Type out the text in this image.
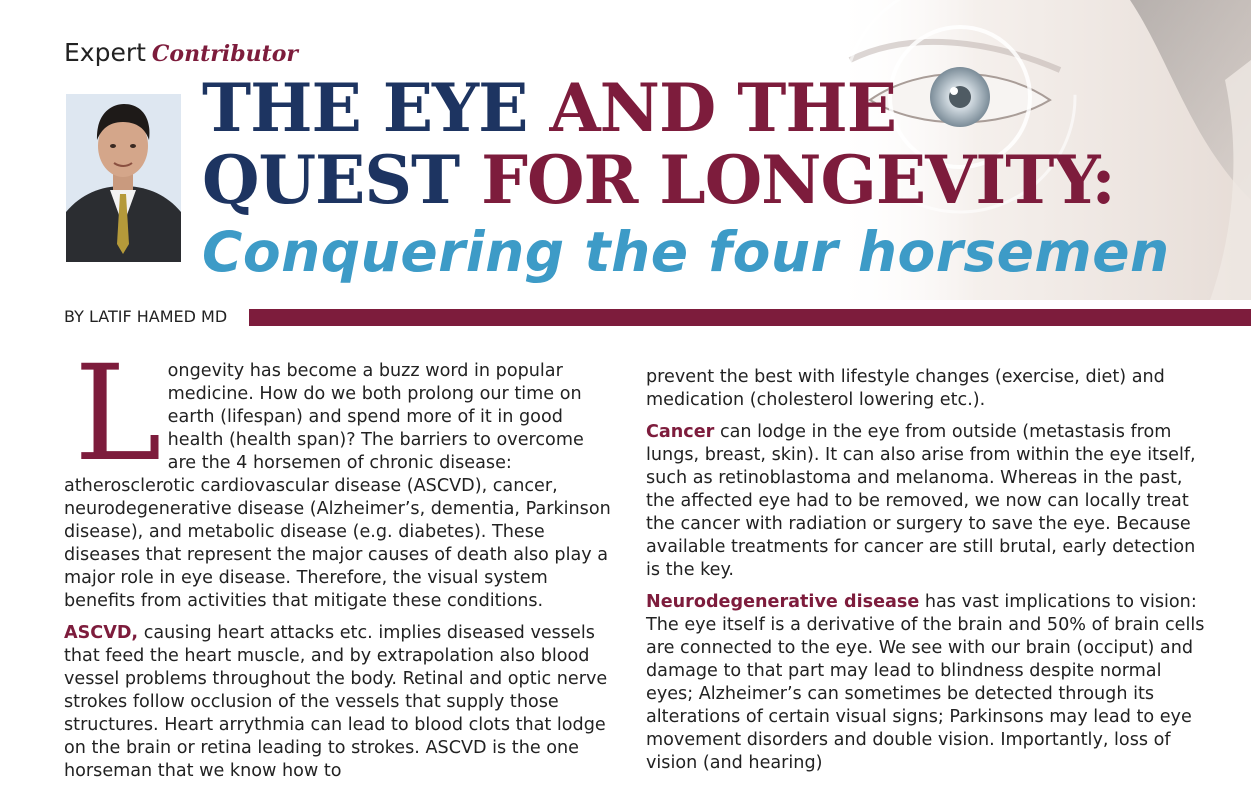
Expert Contributor
THE EYE AND THE
QUEST FOR LONGEVITY:
Conquering the four horsemen
BY LATIF HAMED MD

Longevity has become a buzz word in popular medicine. How do we both prolong our time on earth (lifespan) and spend more of it in good health (health span)? The barriers to overcome are the 4 horsemen of chronic disease: atherosclerotic cardiovascular disease (ASCVD), cancer, neurodegenerative disease (Alzheimer’s, dementia, Parkinson disease), and metabolic disease (e.g. diabetes). These diseases that represent the major causes of death also play a major role in eye disease. Therefore, the visual system benefits from activities that mitigate these conditions.

ASCVD, causing heart attacks etc. implies diseased vessels that feed the heart muscle, and by extrapolation also blood vessel problems throughout the body. Retinal and optic nerve strokes follow occlusion of the vessels that supply those structures. Heart arrythmia can lead to blood clots that lodge on the brain or retina leading to strokes. ASCVD is the one horseman that we know how to

prevent the best with lifestyle changes (exercise, diet) and medication (cholesterol lowering etc.).

Cancer can lodge in the eye from outside (metastasis from lungs, breast, skin). It can also arise from within the eye itself, such as retinoblastoma and melanoma. Whereas in the past, the affected eye had to be removed, we now can locally treat the cancer with radiation or surgery to save the eye. Because available treatments for cancer are still brutal, early detection is the key.

Neurodegenerative disease has vast implications to vision: The eye itself is a derivative of the brain and 50% of brain cells are connected to the eye. We see with our brain (occiput) and damage to that part may lead to blindness despite normal eyes; Alzheimer’s can sometimes be detected through its alterations of certain visual signs; Parkinsons may lead to eye movement disorders and double vision. Importantly, loss of vision (and hearing)
